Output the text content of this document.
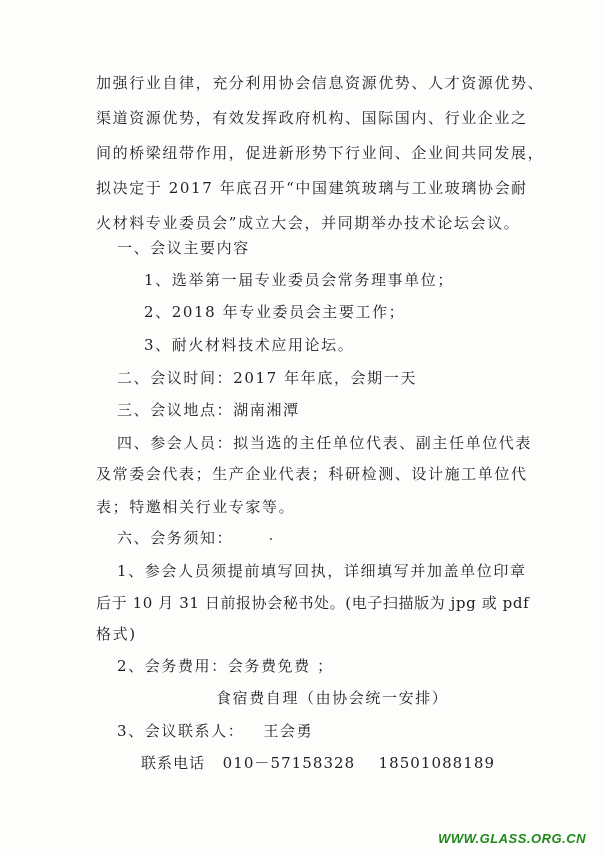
加强行业自律，充分利用协会信息资源优势、人才资源优势、
渠道资源优势，有效发挥政府机构、国际国内、行业企业之
间的桥梁纽带作用，促进新形势下行业间、企业间共同发展，
拟决定于 2017 年底召开“中国建筑玻璃与工业玻璃协会耐
火材料专业委员会”成立大会，并同期举办技术论坛会议。
一、会议主要内容
1、选举第一届专业委员会常务理事单位；
2、2018 年专业委员会主要工作；
3、耐火材料技术应用论坛。
二、会议时间：2017 年年底，会期一天
三、会议地点：湖南湘潭
四、参会人员：拟当选的主任单位代表、副主任单位代表
及常委会代表；生产企业代表；科研检测、设计施工单位代
表；特邀相关行业专家等。
六、会务须知：
1、参会人员须提前填写回执，详细填写并加盖单位印章
后于 10 月 31 日前报协会秘书处。(电子扫描版为 jpg 或 pdf
格式)
2、会务费用：会务费免费 ；
食宿费自理（由协会统一安排）
3、会议联系人：   王会勇
联系电话   010－57158328    18501088189
WWW.GLASS.ORG.CN
